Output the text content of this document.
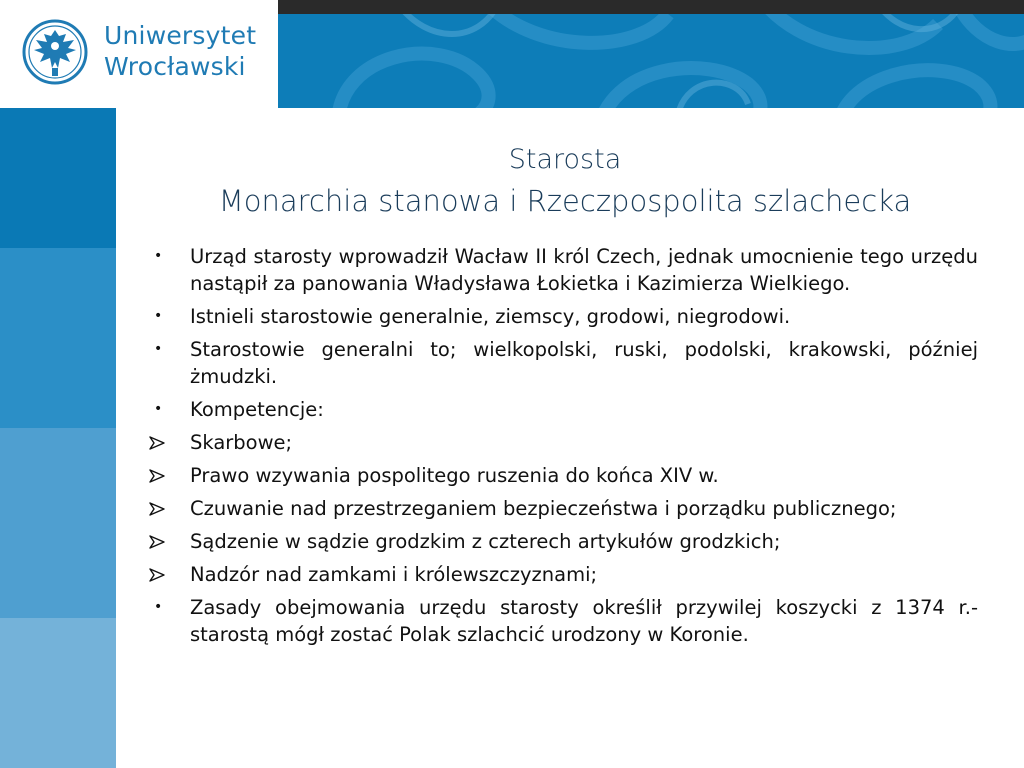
Uniwersytet
Wrocławski
Starosta
Monarchia stanowa i Rzeczpospolita szlachecka
•	Urząd starosty wprowadził Wacław II król Czech, jednak umocnienie tego urzędu nastąpił za panowania Władysława Łokietka i Kazimierza Wielkiego.
•	Istnieli starostowie generalnie, ziemscy, grodowi, niegrodowi.
•	Starostowie generalni to; wielkopolski, ruski, podolski, krakowski, później żmudzki.
•	Kompetencje:
Skarbowe;
Prawo wzywania pospolitego ruszenia do końca XIV w.
Czuwanie nad przestrzeganiem bezpieczeństwa i porządku publicznego;
Sądzenie w sądzie grodzkim z czterech artykułów grodzkich;
Nadzór nad zamkami i królewszczyznami;
•	Zasady obejmowania urzędu starosty określił przywilej koszycki z 1374 r.- starostą mógł zostać Polak szlachcić urodzony w Koronie.
